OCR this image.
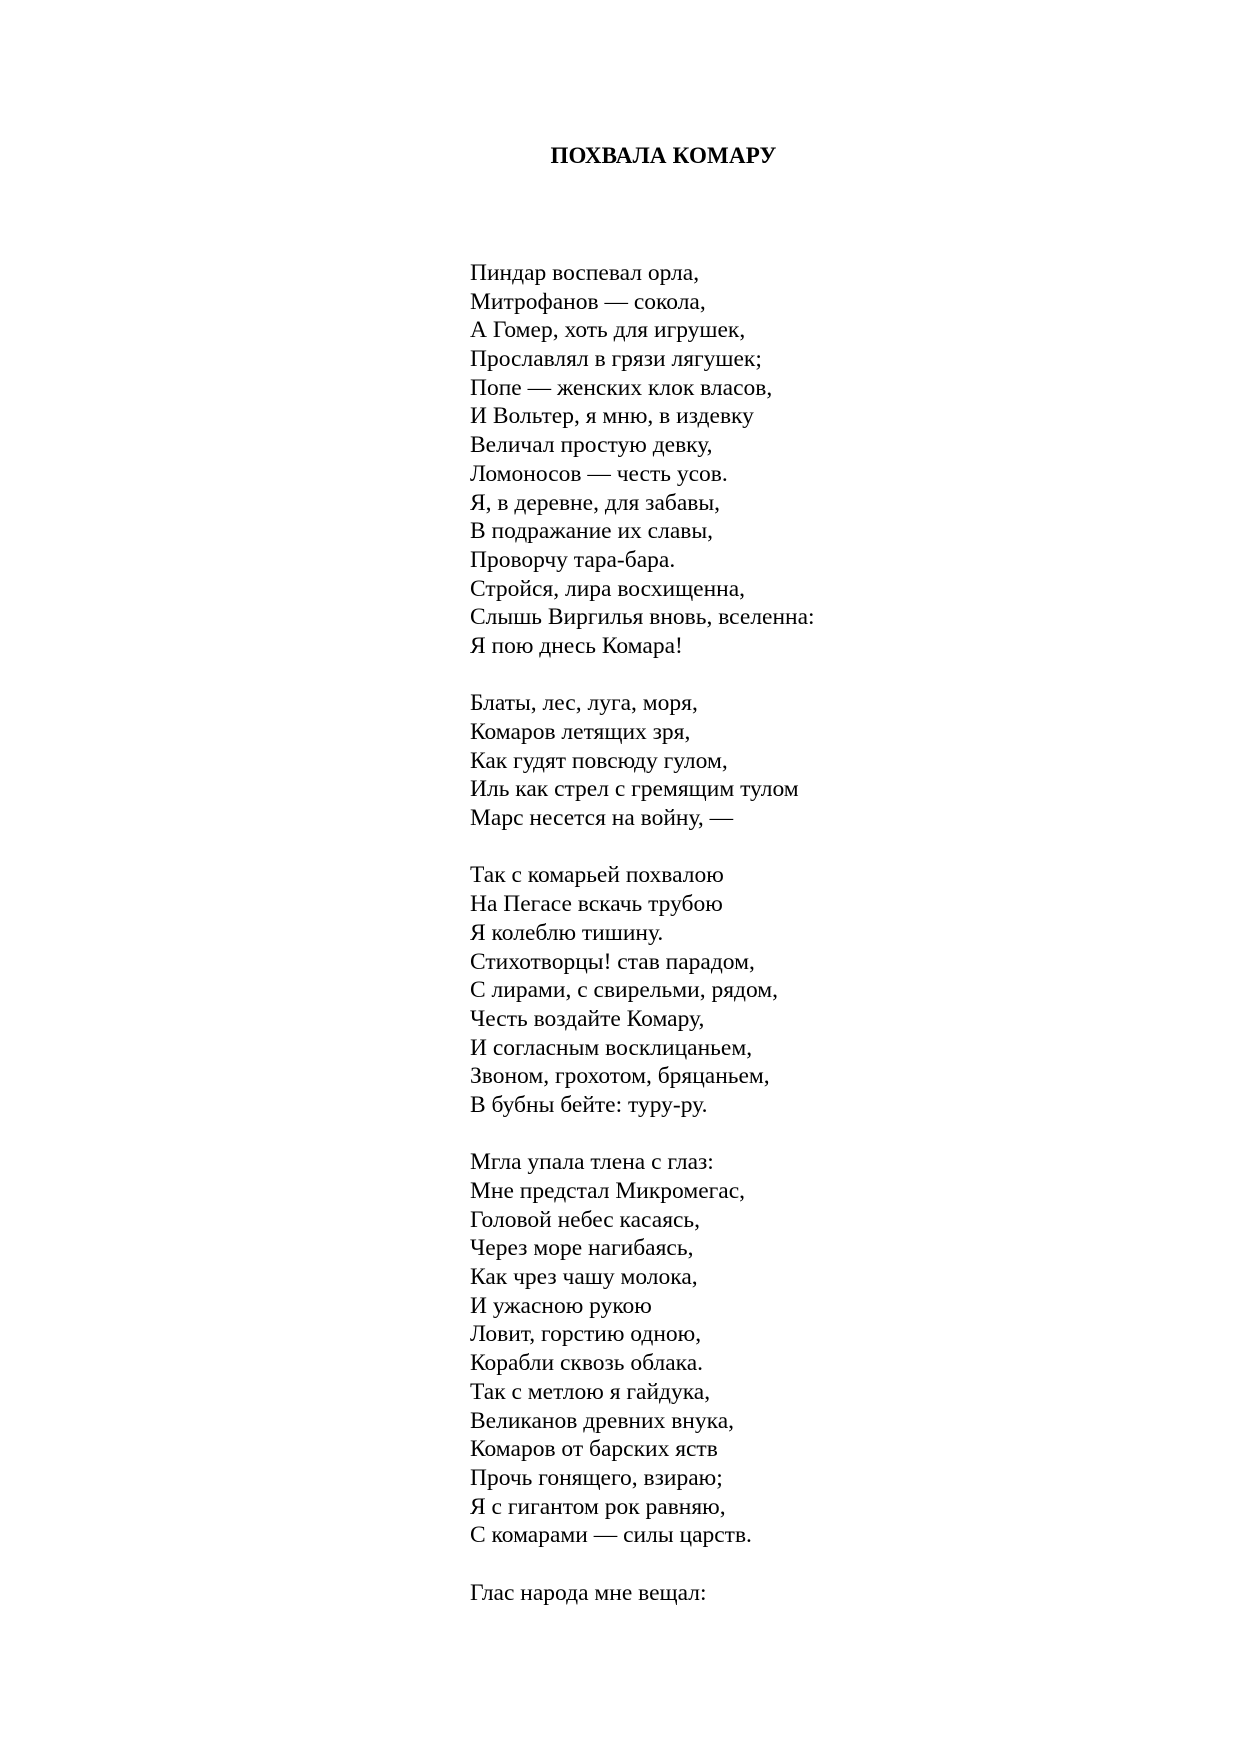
ПОХВАЛА КОМАРУ
Пиндар воспевал орла,
Митрофанов — сокола,
А Гомер, хоть для игрушек,
Прославлял в грязи лягушек;
Попе — женских клок власов,
И Вольтер, я мню, в издевку
Величал простую девку,
Ломоносов — честь усов.
Я, в деревне, для забавы,
В подражание их славы,
Проворчу тара-бара.
Стройся, лира восхищенна,
Слышь Виргилья вновь, вселенна:
Я пою днесь Комара!
Блаты, лес, луга, моря,
Комаров летящих зря,
Как гудят повсюду гулом,
Иль как стрел с гремящим тулом
Марс несется на войну, —
Так с комарьей похвалою
На Пегасе вскачь трубою
Я колеблю тишину.
Стихотворцы! став парадом,
С лирами, с свирельми, рядом,
Честь воздайте Комару,
И согласным восклицаньем,
Звоном, грохотом, бряцаньем,
В бубны бейте: туру-ру.
Мгла упала тлена с глаз:
Мне предстал Микромегас,
Головой небес касаясь,
Через море нагибаясь,
Как чрез чашу молока,
И ужасною рукою
Ловит, горстию одною,
Корабли сквозь облака.
Так с метлою я гайдука,
Великанов древних внука,
Комаров от барских яств
Прочь гонящего, взираю;
Я с гигантом рок равняю,
С комарами — силы царств.
Глас народа мне вещал:
